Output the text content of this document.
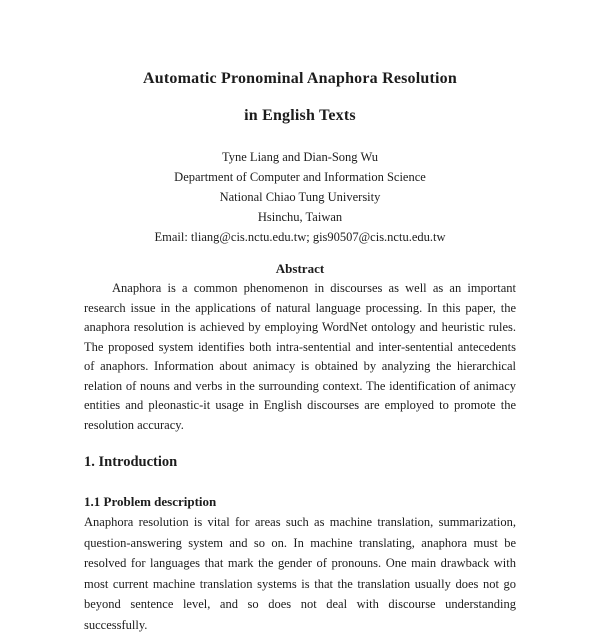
Automatic Pronominal Anaphora Resolution
in English Texts
Tyne Liang and Dian-Song Wu
Department of Computer and Information Science
National Chiao Tung University
Hsinchu, Taiwan
Email: tliang@cis.nctu.edu.tw; gis90507@cis.nctu.edu.tw
Abstract
Anaphora is a common phenomenon in discourses as well as an important
research issue in the applications of natural language processing. In this paper, the
anaphora resolution is achieved by employing WordNet ontology and heuristic rules.
The proposed system identifies both intra-sentential and inter-sentential antecedents
of anaphors. Information about animacy is obtained by analyzing the hierarchical
relation of nouns and verbs in the surrounding context. The identification of animacy
entities and pleonastic-it usage in English discourses are employed to promote the
resolution accuracy.
1. Introduction
1.1 Problem description
Anaphora resolution is vital for areas such as machine translation, summarization,
question-answering system and so on. In machine translating, anaphora must be
resolved for languages that mark the gender of pronouns. One main drawback with
most current machine translation systems is that the translation usually does not go
beyond sentence level, and so does not deal with discourse understanding successfully.
